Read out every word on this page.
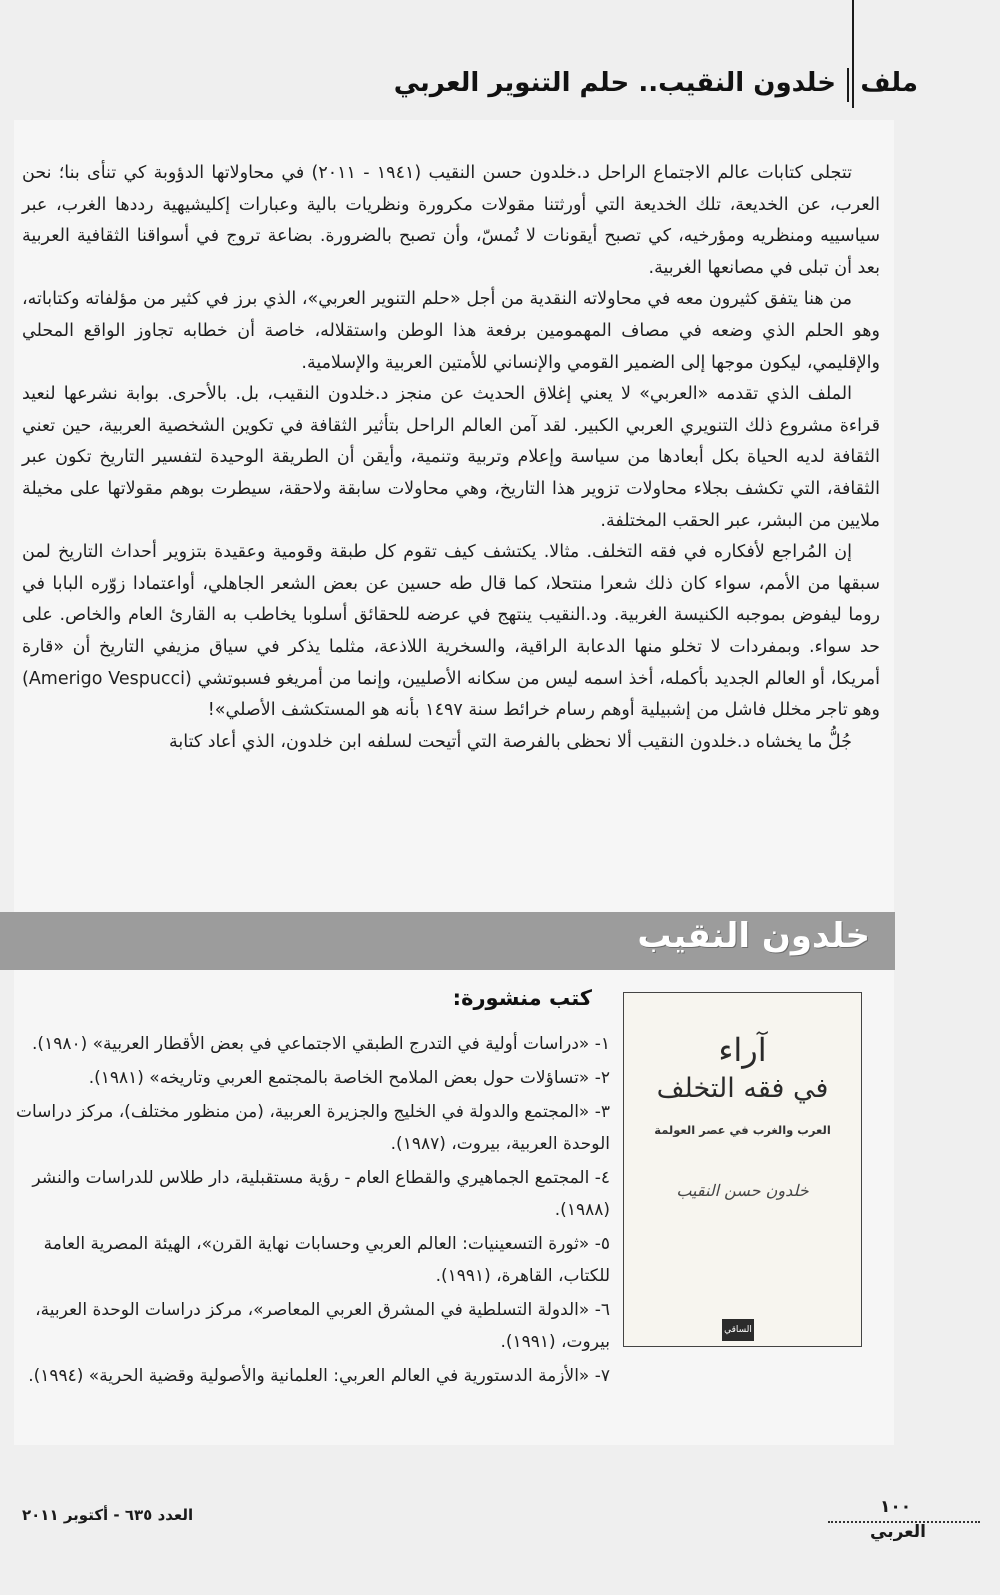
ملف
خلدون النقيب.. حلم التنوير العربي

تتجلى كتابات عالم الاجتماع الراحل د.خلدون حسن النقيب (١٩٤١ - ٢٠١١) في محاولاتها الدؤوبة كي تنأى بنا؛ نحن العرب، عن الخديعة، تلك الخديعة التي أورثتنا مقولات مكرورة ونظريات بالية وعبارات إكليشيهية رددها الغرب، عبر سياسييه ومنظريه ومؤرخيه، كي تصبح أيقونات لا تُمسّ، وأن تصبح بالضرورة. بضاعة تروج في أسواقنا الثقافية العربية بعد أن تبلى في مصانعها الغربية.

من هنا يتفق كثيرون معه في محاولاته النقدية من أجل «حلم التنوير العربي»، الذي برز في كثير من مؤلفاته وكتاباته، وهو الحلم الذي وضعه في مصاف المهمومين برفعة هذا الوطن واستقلاله، خاصة أن خطابه تجاوز الواقع المحلي والإقليمي، ليكون موجها إلى الضمير القومي والإنساني للأمتين العربية والإسلامية.

الملف الذي تقدمه «العربي» لا يعني إغلاق الحديث عن منجز د.خلدون النقيب، بل. بالأحرى. بوابة نشرعها لنعيد قراءة مشروع ذلك التنويري العربي الكبير. لقد آمن العالم الراحل بتأثير الثقافة في تكوين الشخصية العربية، حين تعني الثقافة لديه الحياة بكل أبعادها من سياسة وإعلام وتربية وتنمية، وأيقن أن الطريقة الوحيدة لتفسير التاريخ تكون عبر الثقافة، التي تكشف بجلاء محاولات تزوير هذا التاريخ، وهي محاولات سابقة ولاحقة، سيطرت بوهم مقولاتها على مخيلة ملايين من البشر، عبر الحقب المختلفة.

إن المُراجع لأفكاره في فقه التخلف. مثالا. يكتشف كيف تقوم كل طبقة وقومية وعقيدة بتزوير أحداث التاريخ لمن سبقها من الأمم، سواء كان ذلك شعرا منتحلا، كما قال طه حسين عن بعض الشعر الجاهلي، أواعتمادا زوّره البابا في روما ليفوض بموجبه الكنيسة الغربية. ود.النقيب ينتهج في عرضه للحقائق أسلوبا يخاطب به القارئ العام والخاص. على حد سواء. وبمفردات لا تخلو منها الدعابة الراقية، والسخرية اللاذعة، مثلما يذكر في سياق مزيفي التاريخ أن «قارة أمريكا، أو العالم الجديد بأكمله، أخذ اسمه ليس من سكانه الأصليين، وإنما من أمريغو فسبوتشي (Amerigo Vespucci) وهو تاجر مخلل فاشل من إشبيلية أوهم رسام خرائط سنة ١٤٩٧ بأنه هو المستكشف الأصلي»!

جُلُّ ما يخشاه د.خلدون النقيب ألا نحظى بالفرصة التي أتيحت لسلفه ابن خلدون، الذي أعاد كتابة

خلدون النقيب
كتب منشورة:
١- «دراسات أولية في التدرج الطبقي الاجتماعي في بعض الأقطار العربية» (١٩٨٠).
٢- «تساؤلات حول بعض الملامح الخاصة بالمجتمع العربي وتاريخه» (١٩٨١).
٣- «المجتمع والدولة في الخليج والجزيرة العربية، (من منظور مختلف)، مركز دراسات الوحدة العربية، بيروت، (١٩٨٧).
٤- المجتمع الجماهيري والقطاع العام - رؤية مستقبلية، دار طلاس للدراسات والنشر (١٩٨٨).
٥- «ثورة التسعينيات: العالم العربي وحسابات نهاية القرن»، الهيئة المصرية العامة للكتاب، القاهرة، (١٩٩١).
٦- «الدولة التسلطية في المشرق العربي المعاصر»، مركز دراسات الوحدة العربية، بيروت، (١٩٩١).
٧- «الأزمة الدستورية في العالم العربي: العلمانية والأصولية وقضية الحرية» (١٩٩٤).
آراء
في فقه التخلف
العرب والغرب في عصر العولمة
خلدون حسن النقيب
الساقي
١٠٠
العربي
العدد ٦٣٥ - أكتوبر ٢٠١١
